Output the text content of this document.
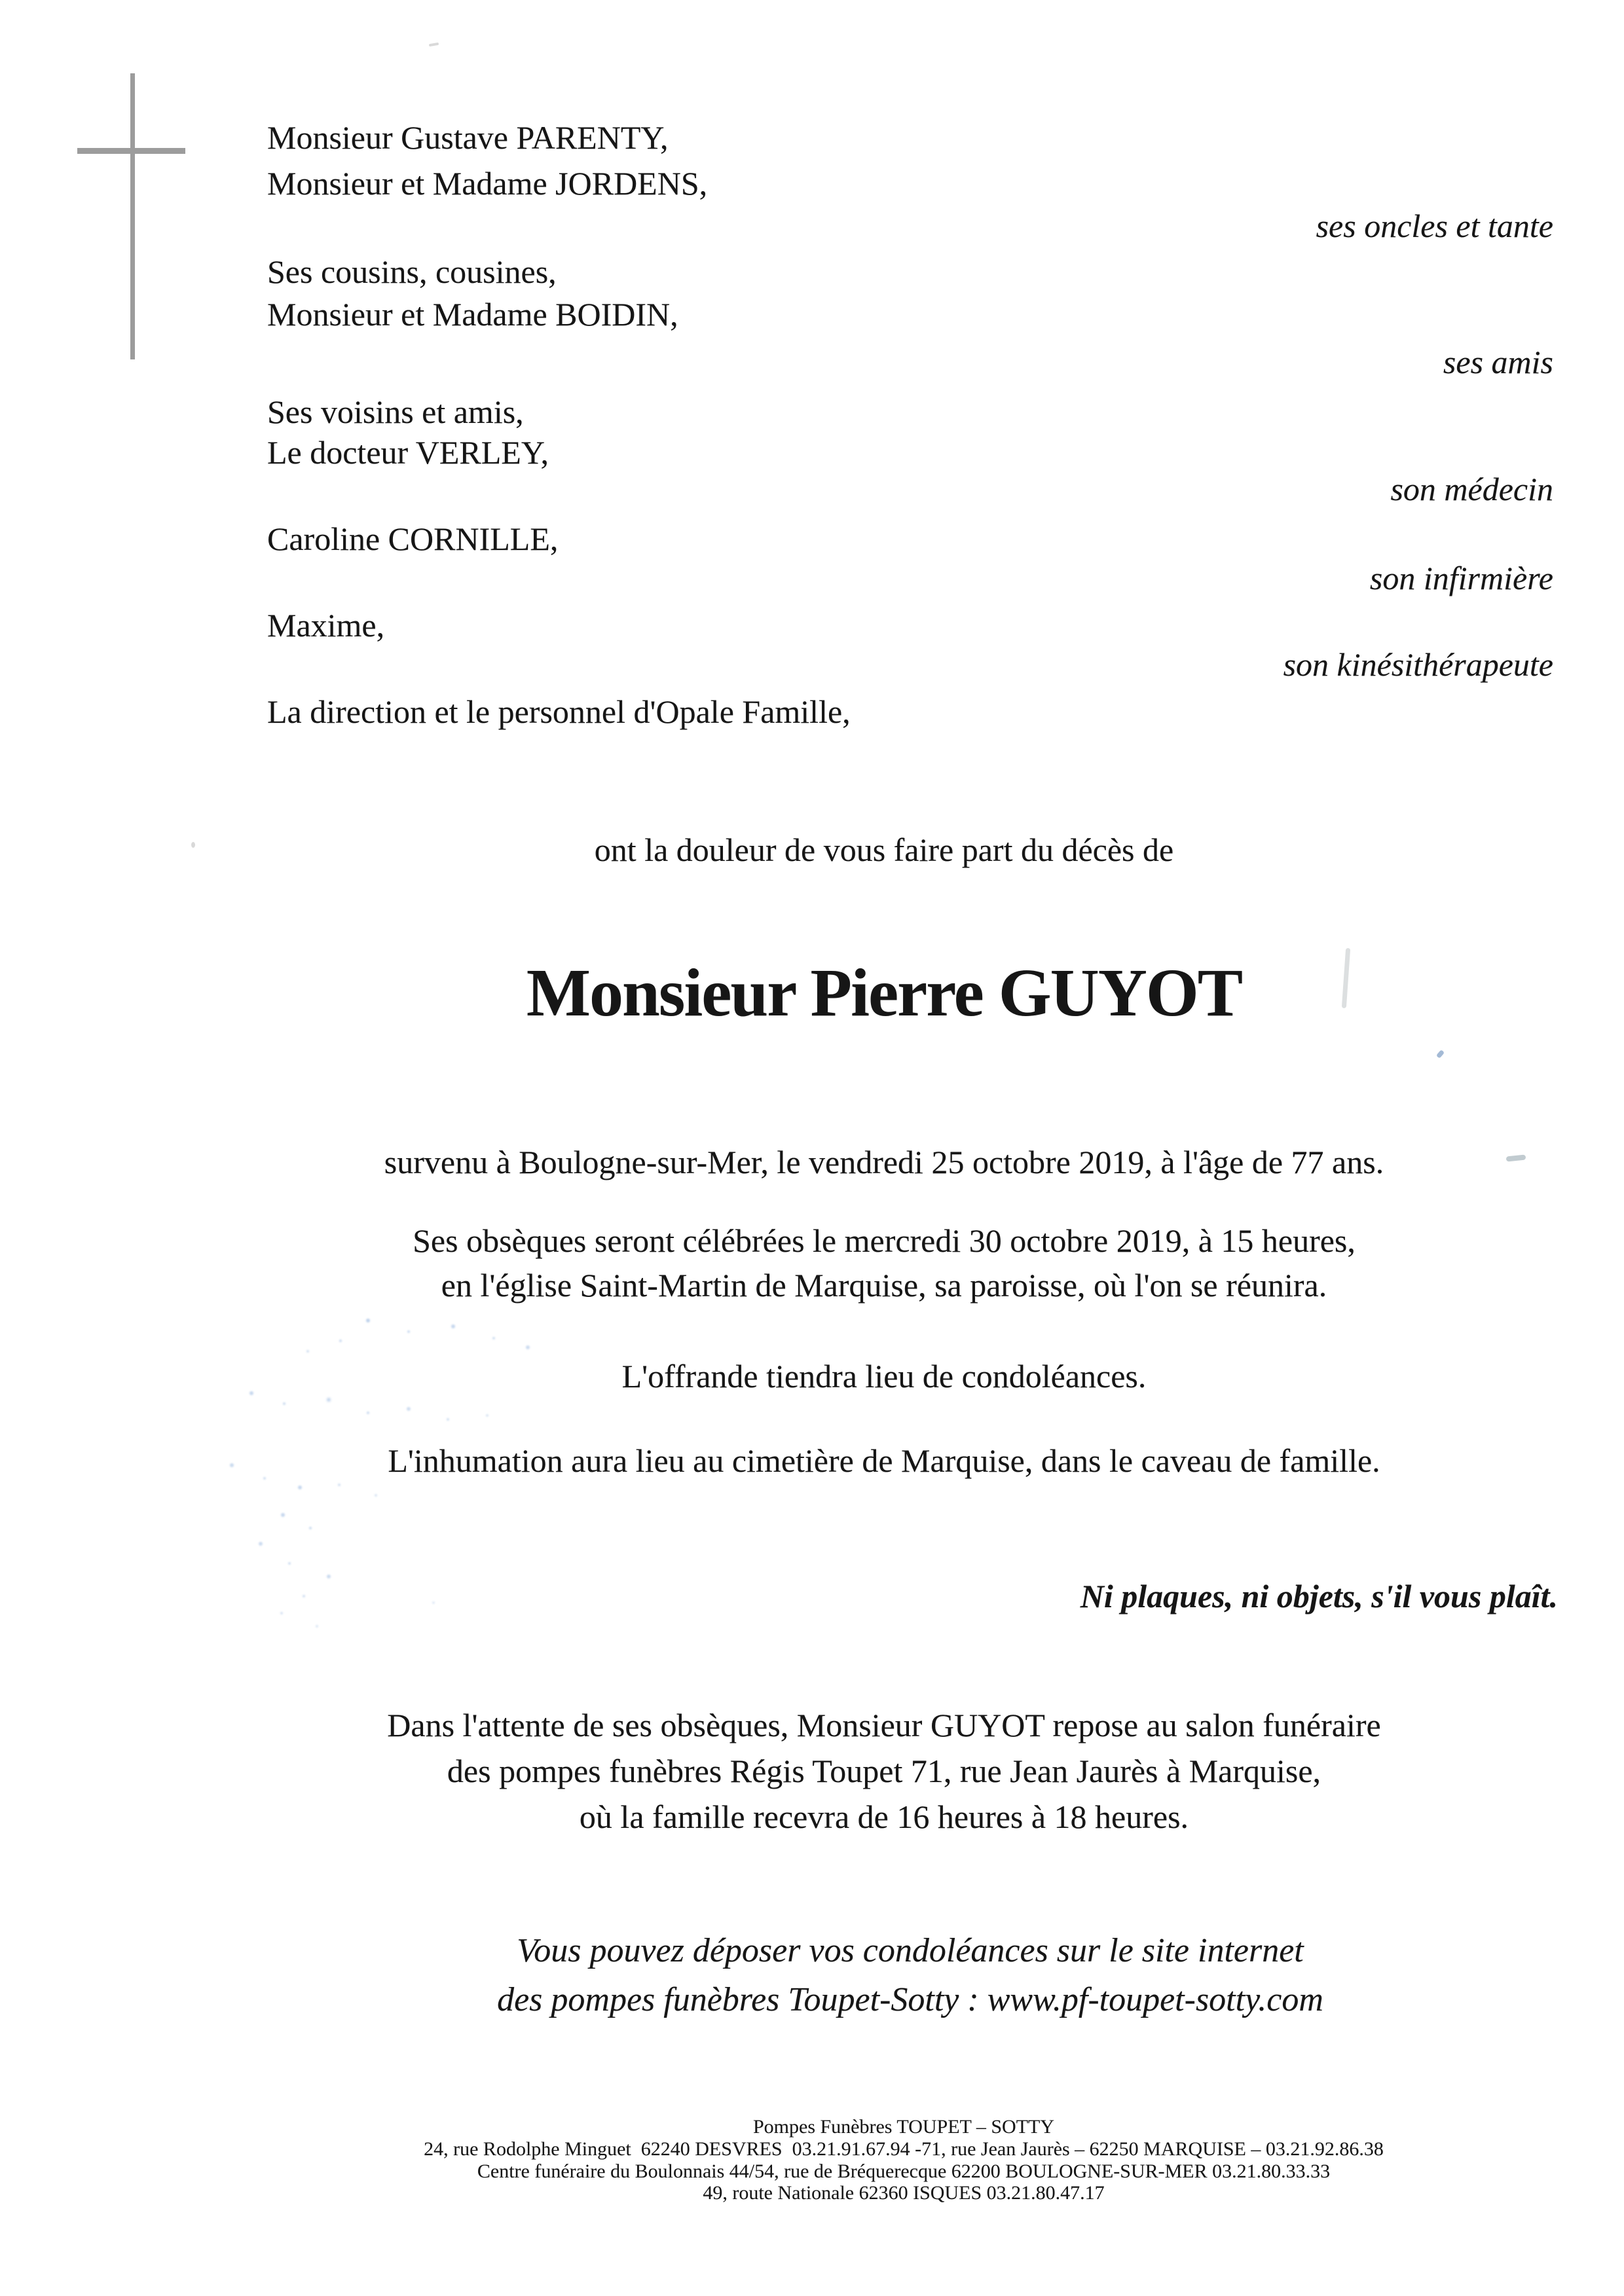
Monsieur Gustave PARENTY,
Monsieur et Madame JORDENS,
Ses cousins, cousines,
Monsieur et Madame BOIDIN,
Ses voisins et amis,
Le docteur VERLEY,
Caroline CORNILLE,
Maxime,
La direction et le personnel d'Opale Famille,
ses oncles et tante
ses amis
son médecin
son infirmière
son kinésithérapeute
ont la douleur de vous faire part du décès de
Monsieur Pierre GUYOT
survenu à Boulogne-sur-Mer, le vendredi 25 octobre 2019, à l'âge de 77 ans.
Ses obsèques seront célébrées le mercredi 30 octobre 2019, à 15 heures,
en l'église Saint-Martin de Marquise, sa paroisse, où l'on se réunira.
L'offrande tiendra lieu de condoléances.
L'inhumation aura lieu au cimetière de Marquise, dans le caveau de famille.
Ni plaques, ni objets, s'il vous plaît.
Dans l'attente de ses obsèques, Monsieur GUYOT repose au salon funéraire
des pompes funèbres Régis Toupet 71, rue Jean Jaurès à Marquise,
où la famille recevra de 16 heures à 18 heures.
Vous pouvez déposer vos condoléances sur le site internet
des pompes funèbres Toupet-Sotty : www.pf-toupet-sotty.com
Pompes Funèbres TOUPET – SOTTY
24, rue Rodolphe Minguet  62240 DESVRES  03.21.91.67.94 -71, rue Jean Jaurès – 62250 MARQUISE – 03.21.92.86.38
Centre funéraire du Boulonnais 44/54, rue de Bréquerecque 62200 BOULOGNE-SUR-MER 03.21.80.33.33
49, route Nationale 62360 ISQUES 03.21.80.47.17
